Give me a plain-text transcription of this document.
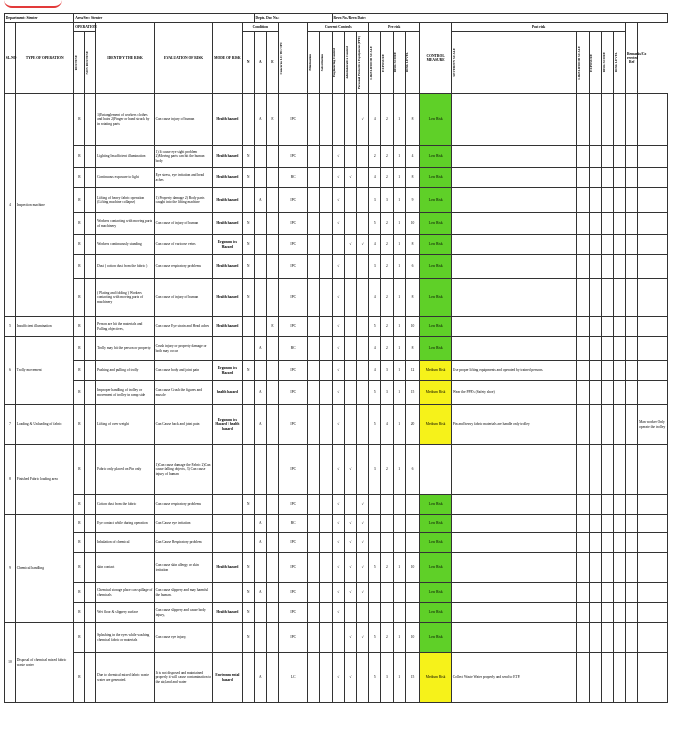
Department: Stenter		Area/Sec: Stenter						Depts. Doc No.:					Revn No./Revn Date:														
SL.NO	TYPE OF OPERATION	OPERATION		IDENTIFY THE RISK	EVALUATION OF RISK	MODE OF RISK	Condition			Concerns LC/ BC/ IPC	Current Controls					Pre risk				CONTROL MEASURE	Post risk					Remarks/Co rrected Ref	

		ROUTINE	NON ROUTINE				N	A	E		Elimination	Substitution	Engineering Control	Administrative Control	Personal Protective Equipment (PPE)	LIKELIHOOD SCALE	EXPOSURE	RISK SCORE	RISK LEVEL		SEVERITY SCALE	LIKELIHOOD SCALE	EXPOSURE	RISK SCORE	RISK LEVEL		

4	Inspection machine	R		1)Entanglement of workers clothes and hairs 2)Finger or hand struck by in rotating parts	Can cause injury of human	Health hazard		A	E	IPC					√	4	2	1	8	Low Risk							
		R		Lighting Insufficient illumination	1) It cause eye sight problem 2)Moving parts can hit the human body	Health hazard	N			IPC			√			2	2	1	4	Low Risk							
		R		Continuous exposure to light	Eye stress, eye irritation and head aches	Health hazard	N			BC			√	√		4	2	1	8	Low Risk							
		R		Lifting of heavy fabric operation (Lifting machine collapse)	1) Property damage 2) Body parts caught into the lifting machine	Health hazard		A		IPC			√			3	3	1	9	Low Risk							
		R		Workers contacting with moving parts of machinery	Can cause of injury of human	Health hazard	N			IPC			√			5	2	1	10	Low Risk							
		R		Workers continuously standing	Can cause of varicose veins	Ergonom ics Hazard	N			IPC				√	√	4	2	1	8	Low Risk							
		R		Dust ( cotton dust from the fabric )	Can cause respiratory problems	Health hazard	N			IPC			√			3	2	1	6	Low Risk							
		R		( Plating and folding ) Workers contacting with moving parts of machinery	Can cause of injury of human	Health hazard	N			IPC			√			4	2	1	8	Low Risk							
5	Insufficient illumination	R		Person are hit the materials and Falling objectives,	Can cause Eye strain and Head aches	Health hazard			E	IPC			√			5	2	1	10	Low Risk							
6	Trolly movement	R		Trolly may hit the person or property.	Crush injury or property damage or both may occur			A		BC			√			4	2	1	8	Low Risk							
		R		Pushing and pulling of trolly	Can cause body and joint pain	Ergonom ics Hazard	N			IPC			√			4	3	1	12	Medium Risk	Use proper lifting equipments and operated by trained persons.						
		R		Improper handling of trolley or movement of trolley in ramp side	Can cause Crush the figures and muscle	health hazard		A		IPC			√			5	3	1	15	Medium Risk	Wear the PPE's (Safety shoe)						
7	Loading & Unloading of fabric	R		Lifting of over weight	Can Cause back and joint pain	Ergonom ics Hazard \ health hazard		A		IPC			√			5	4	1	20	Medium Risk	Pin and heavy fabric materials are handle only trolley						Man worker Only operate the trolley
8	Finished Fabric loading area	R		Fabric only placed on Pin only	1)Can cause damage the Fabric 2)Can cause falling objects, 3) Can cause injury of human					IPC			√	√		3	2	1	6								
		R		Cotton dust from the fabric	Can cause respiratory problems		N			IPC			√		√					Low Risk							
9	Chemical handling	R		Eye contact while during operation	Can Cause eye irritation			A		BC			√	√	√					Low Risk							
		R		Inhalation of chemical	Can Cause Respiratory problem			A		IPC			√	√	√					Low Risk							
		R		skin contact	Can cause skin allergy or skin irritation	Health hazard	N			IPC			√	√	√	5	2	1	10	Low Risk							
		R		Chemical storage place can spillage of chemicals	Can cause slippery and may harmful the human.		N	A		IPC			√	√	√					Low Risk							
		R		Wet floor & slippery surface	Can cause slippery and cause body injury,	Health hazard	N			IPC			√							Low Risk							
10	Disposal of chemical mixed fabric waste water	R		Splashing in the eyes while washing chemical fabric or materials	Can cause eye injury,		N			IPC				√	√	5	2	1	10	Low Risk							
		R		Due to chemical mixed fabric waste water are generated.	It is not disposed and maintained properly it will cause contamination to the air,land and water	Environm ental hazard		A		LC			√	√		5	3	1	15	Medium Risk	Collect Waste Water properly and send to ETP.						
